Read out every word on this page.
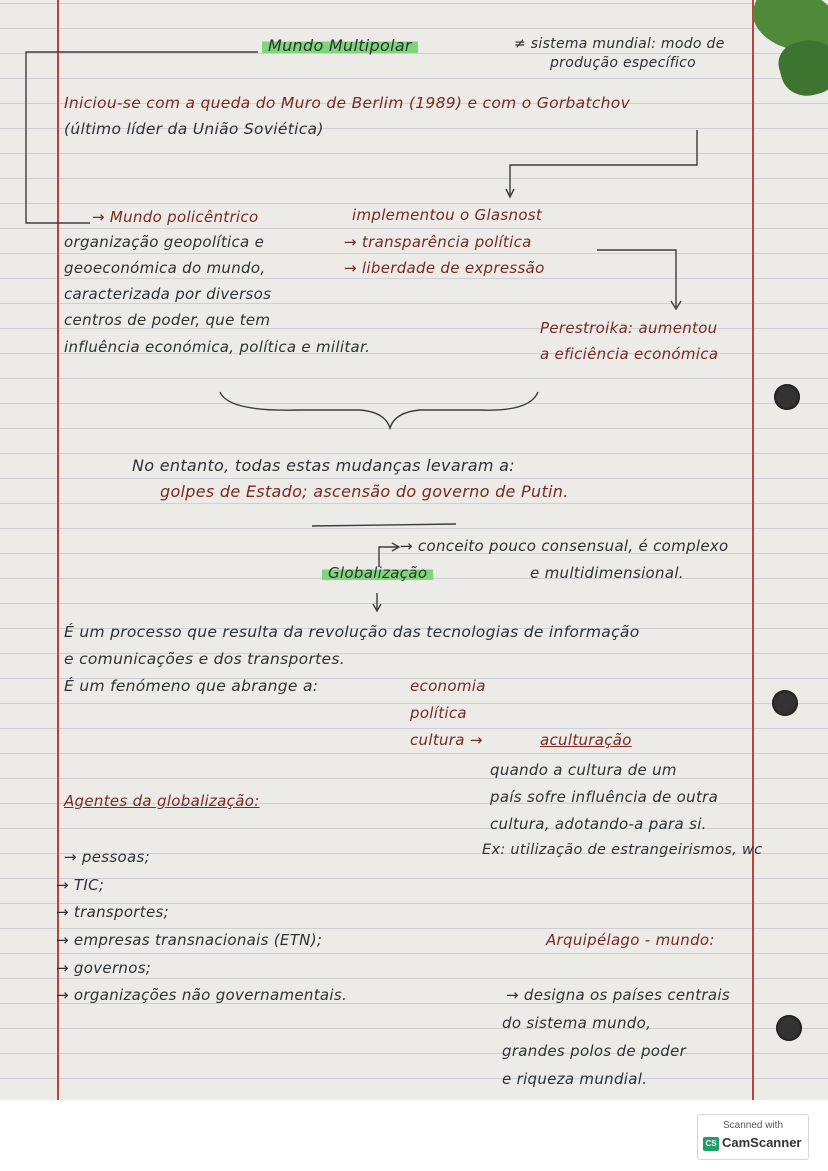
Mundo Multipolar	≠ sistema mundial: modo de
produção específico
Iniciou-se com a queda do Muro de Berlim (1989) e com o Gorbatchov
(último líder da União Soviética)
→ Mundo policêntrico
organização geopolítica e
geoeconómica do mundo,
caracterizada por diversos
centros de poder, que tem
influência económica, política e militar.
implementou o Glasnost
→ transparência política
→ liberdade de expressão
Perestroika: aumentou
a eficiência económica
No entanto, todas estas mudanças levaram a:
golpes de Estado; ascensão do governo de Putin.
→ conceito pouco consensual, é complexo
e multidimensional.
Globalização
É um processo que resulta da revolução das tecnologias de informação
e comunicações e dos transportes.
É um fenómeno que abrange a:	economia
política
cultura →	aculturação
quando a cultura de um
país sofre influência de outra
cultura, adotando-a para si.
Ex: utilização de estrangeirismos, wc
Agentes da globalização:
→ pessoas;
→ TIC;
→ transportes;
→ empresas transnacionais (ETN);
→ governos;
→ organizações não governamentais.
Arquipélago - mundo:
→ designa os países centrais
do sistema mundo,
grandes polos de poder
e riqueza mundial.
Scanned with
CS CamScanner
